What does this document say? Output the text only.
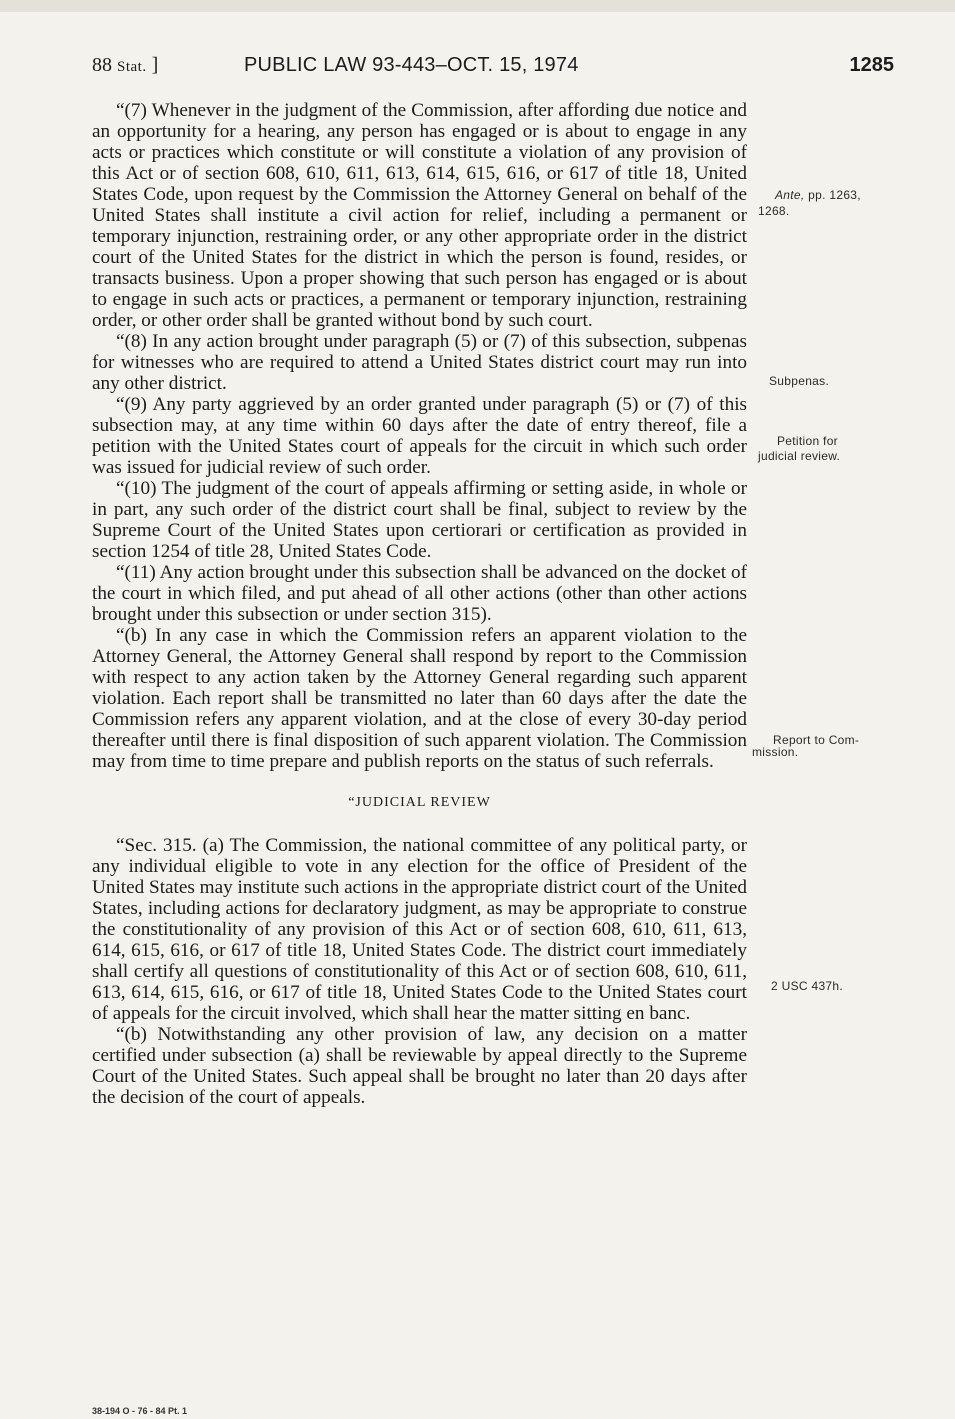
88 Stat. ]	PUBLIC LAW 93-443–OCT. 15, 1974	1285

“(7) Whenever in the judgment of the Commission, after affording due notice and an opportunity for a hearing, any person has engaged or is about to engage in any acts or practices which constitute or will constitute a violation of any provision of this Act or of section 608, 610, 611, 613, 614, 615, 616, or 617 of title 18, United States Code, upon request by the Commission the Attorney General on behalf of the United States shall institute a civil action for relief, including a permanent or temporary injunction, restraining order, or any other appropriate order in the district court of the United States for the district in which the person is found, resides, or transacts business. Upon a proper showing that such person has engaged or is about to engage in such acts or practices, a permanent or temporary injunction, restraining order, or other order shall be granted without bond by such court.

“(8) In any action brought under paragraph (5) or (7) of this subsection, subpenas for witnesses who are required to attend a United States district court may run into any other district.

“(9) Any party aggrieved by an order granted under paragraph (5) or (7) of this subsection may, at any time within 60 days after the date of entry thereof, file a petition with the United States court of appeals for the circuit in which such order was issued for judicial review of such order.

“(10) The judgment of the court of appeals affirming or setting aside, in whole or in part, any such order of the district court shall be final, subject to review by the Supreme Court of the United States upon certiorari or certification as provided in section 1254 of title 28, United States Code.

“(11) Any action brought under this subsection shall be advanced on the docket of the court in which filed, and put ahead of all other actions (other than other actions brought under this subsection or under section 315).

“(b) In any case in which the Commission refers an apparent violation to the Attorney General, the Attorney General shall respond by report to the Commission with respect to any action taken by the Attorney General regarding such apparent violation. Each report shall be transmitted no later than 60 days after the date the Commission refers any apparent violation, and at the close of every 30-day period thereafter until there is final disposition of such apparent violation. The Commission may from time to time prepare and publish reports on the status of such referrals.

“JUDICIAL REVIEW

“Sec. 315. (a) The Commission, the national committee of any political party, or any individual eligible to vote in any election for the office of President of the United States may institute such actions in the appropriate district court of the United States, including actions for declaratory judgment, as may be appropriate to construe the constitutionality of any provision of this Act or of section 608, 610, 611, 613, 614, 615, 616, or 617 of title 18, United States Code. The district court immediately shall certify all questions of constitutionality of this Act or of section 608, 610, 611, 613, 614, 615, 616, or 617 of title 18, United States Code to the United States court of appeals for the circuit involved, which shall hear the matter sitting en banc.

“(b) Notwithstanding any other provision of law, any decision on a matter certified under subsection (a) shall be reviewable by appeal directly to the Supreme Court of the United States. Such appeal shall be brought no later than 20 days after the decision of the court of appeals.

Ante, pp. 1263,
1268.
Subpenas.
Petition for
judicial review.
Report to Com-
mission.
2 USC 437h.
38-194 O - 76 - 84 Pt. 1
